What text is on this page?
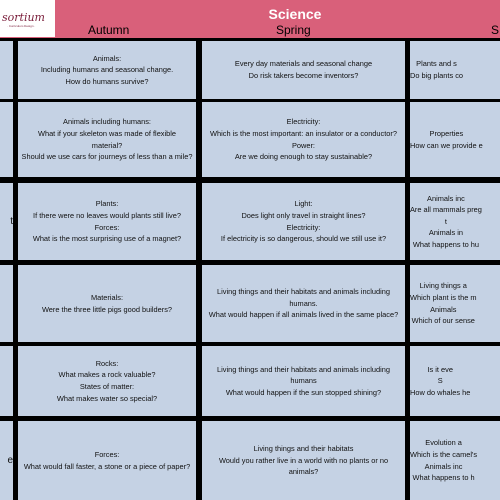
sortium
· Curriculum Design ·
Science
Autumn	Spring	S
Animals:
Including humans and seasonal change.
How do humans survive?
Every day materials and seasonal change
Do risk takers become inventors?
Plants and s
Do big plants co
Animals including humans:
What if your skeleton was made of flexible
material?
Should we use cars for journeys of less than a mile?
Electricity:
Which is the most important: an insulator or a conductor?
Power:
Are we doing enough to stay sustainable?
Properties
How can we provide e
t
Plants:
If there were no leaves would plants still live?
Forces:
What is the most surprising use of a magnet?
Light:
Does light only travel in straight lines?
Electricity:
If electricity is so dangerous, should we still use it?
Animals inc
Are all mammals preg
t
Animals in
What happens to hu
Materials:
Were the three little pigs good builders?
Living things and their habitats and animals including
humans.
What would happen if all animals lived in the same place?
Living things a
Which plant is the m
Animals
Which of our sense
Rocks:
What makes a rock valuable?
States of matter:
What makes water so special?
Living things and their habitats and animals including
humans
What would happen if the sun stopped shining?
Is it eve
S
How do whales he
e
Forces:
What would fall faster, a stone or a piece of paper?
Living things and their habitats
Would you rather live in a world with no plants or no
animals?
Evolution a
Which is the camel's
Animals inc
What happens to h
